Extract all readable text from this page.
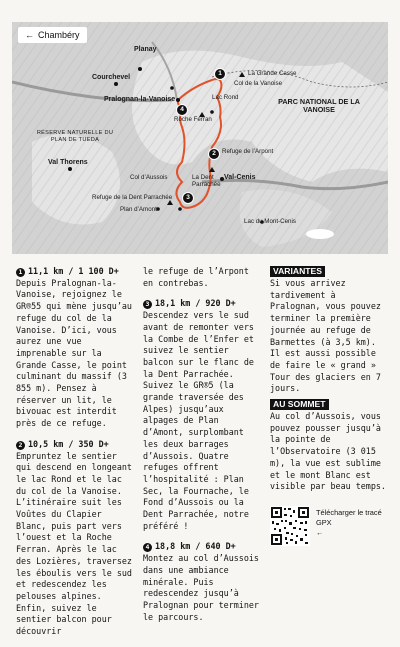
← Chambéry
Planay
Courchevel
Pralognan-la-Vanoise
La Grande Casse
Col de la Vanoise
Lac Rond	PARC NATIONAL DE LA VANOISE
Roche Ferran
RÉSERVE NATURELLE DU PLAN DE TUEDA
Refuge de l’Arpont
Val Thorens
La Dent Parrachée
Val-Cenis
Col d’Aussois
Refuge de la Dent Parrachée
Plan d’Amont
Lac du Mont-Cenis
1
2
3
4
1 11,1 km / 1 100 D+
Depuis Pralognan-la-Vanoise, rejoignez le GR®55 qui mène jusqu’au refuge du col de la Vanoise. D’ici, vous aurez une vue imprenable sur la Grande Casse, le point culminant du massif (3 855 m). Pensez à réserver un lit, le bivouac est interdit près de ce refuge.
2 10,5 km / 350 D+
Empruntez le sentier qui descend en longeant le lac Rond et le lac du col de la Vanoise. L’itinéraire suit les Voûtes du Clapier Blanc, puis part vers l’ouest et la Roche Ferran. Après le lac des Lozières, traversez les éboulis vers le sud et redescendez les pelouses alpines. Enfin, suivez le sentier balcon pour découvrir
le refuge de l’Arpont en contrebas.
3 18,1 km / 920 D+
Descendez vers le sud avant de remonter vers la Combe de l’Enfer et suivez le sentier balcon sur le flanc de la Dent Parrachée. Suivez le GR®5 (la grande traversée des Alpes) jusqu’aux alpages de Plan d’Amont, surplombant les deux barrages d’Aussois. Quatre refuges offrent l’hospitalité : Plan Sec, la Fournache, le Fond d’Aussois ou la Dent Parrachée, notre préféré !
4 18,8 km / 640 D+
Montez au col d’Aussois dans une ambiance minérale. Puis redescendez jusqu’à Pralognan pour terminer le parcours.
VARIANTES
Si vous arrivez tardivement à Pralognan, vous pouvez terminer la première journée au refuge de Barmettes (à 3,5 km). Il est aussi possible de faire le « grand » Tour des glaciers en 7 jours.
AU SOMMET
Au col d’Aussois, vous pouvez pousser jusqu’à la pointe de l’Observatoire (3 015 m), la vue est sublime et le mont Blanc est visible par beau temps.
Télécharger le tracé GPX
←
